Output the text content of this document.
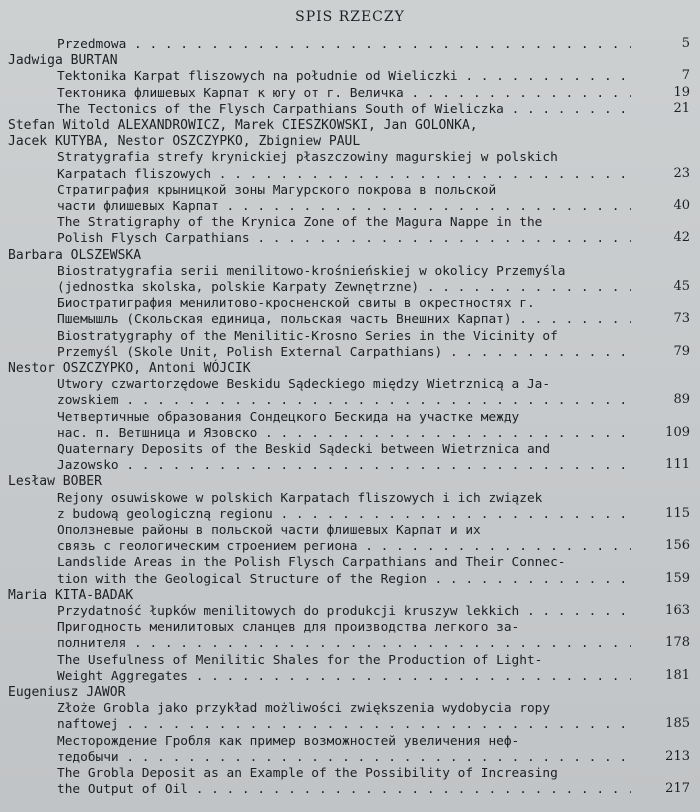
SPIS RZECZY
Przedmowa . . .
Jadwiga BURTAN
Tektonika Karpat fliszowych na południe od Wieliczki . . .
Тектоника флишевых Карпат к югу от г. Величка . . .
The Tectonics of the Flysch Carpathians South of Wieliczka . . .
Stefan Witold ALEXANDROWICZ, Marek CIESZKOWSKI, Jan GOLONKA,
Jacek KUTYBA, Nestor OSZCZYPKO, Zbigniew PAUL
Stratygrafia strefy krynickiej płaszczowiny magurskiej w polskich
Karpatach fliszowych . . .
Стратиграфия крыницкой зоны Магурского покрова в польской
части флишевых Карпат . . .
The Stratigraphy of the Krynica Zone of the Magura Nappe in the
Polish Flysch Carpathians . . .
Barbara OLSZEWSKA
Biostratygrafia serii menilitowo-krośnieńskiej w okolicy Przemyśla
(jednostka skolska, polskie Karpaty Zewnętrzne) . . .
Биостратиграфия менилитово-кросненской свиты в окрестностях г.
Пшемышль (Скольская единица, польская часть Внешних Карпат) . . .
Biostratygraphy of the Menilitic-Krosno Series in the Vicinity of
Przemyśl (Skole Unit, Polish External Carpathians) . . .
Nestor OSZCZYPKO, Antoni WÓJCIK
Utwory czwartorzędowe Beskidu Sądeckiego między Wietrznicą a Ja-
zowskiem . . .
Четвертичные образования Сондецкого Бескида на участке между
нас. п. Ветшница и Язовско . . .
Quaternary Deposits of the Beskid Sądecki between Wietrznica and
Jazowsko . . .
Lesław BOBER
Rejony osuwiskowe w polskich Karpatach fliszowych i ich związek
z budową geologiczną regionu . . .
Оползневые районы в польской части флишевых Карпат и их
связь с геологическим строением региона . . .
Landslide Areas in the Polish Flysch Carpathians and Their Connec-
tion with the Geological Structure of the Region . . .
Maria KITA-BADAK
Przydatność łupków menilitowych do produkcji kruszyw lekkich . . .
Пригодность менилитовых сланцев для производства легкого за-
полнителя . . .
The Usefulness of Menilitic Shales for the Production of Light-
Weight Aggregates . . .
Eugeniusz JAWOR
Złoże Grobla jako przykład możliwości zwiększenia wydobycia ropy
naftowej . . .
Месторождение Гробля как пример возможностей увеличения неф-
тедобычи . . .
The Grobla Deposit as an Example of the Possibility of Increasing
the Output of Oil . . .
5
7
19
21
23
40
42
45
73
79
89
109
111
115
156
159
163
178
181
185
213
217
